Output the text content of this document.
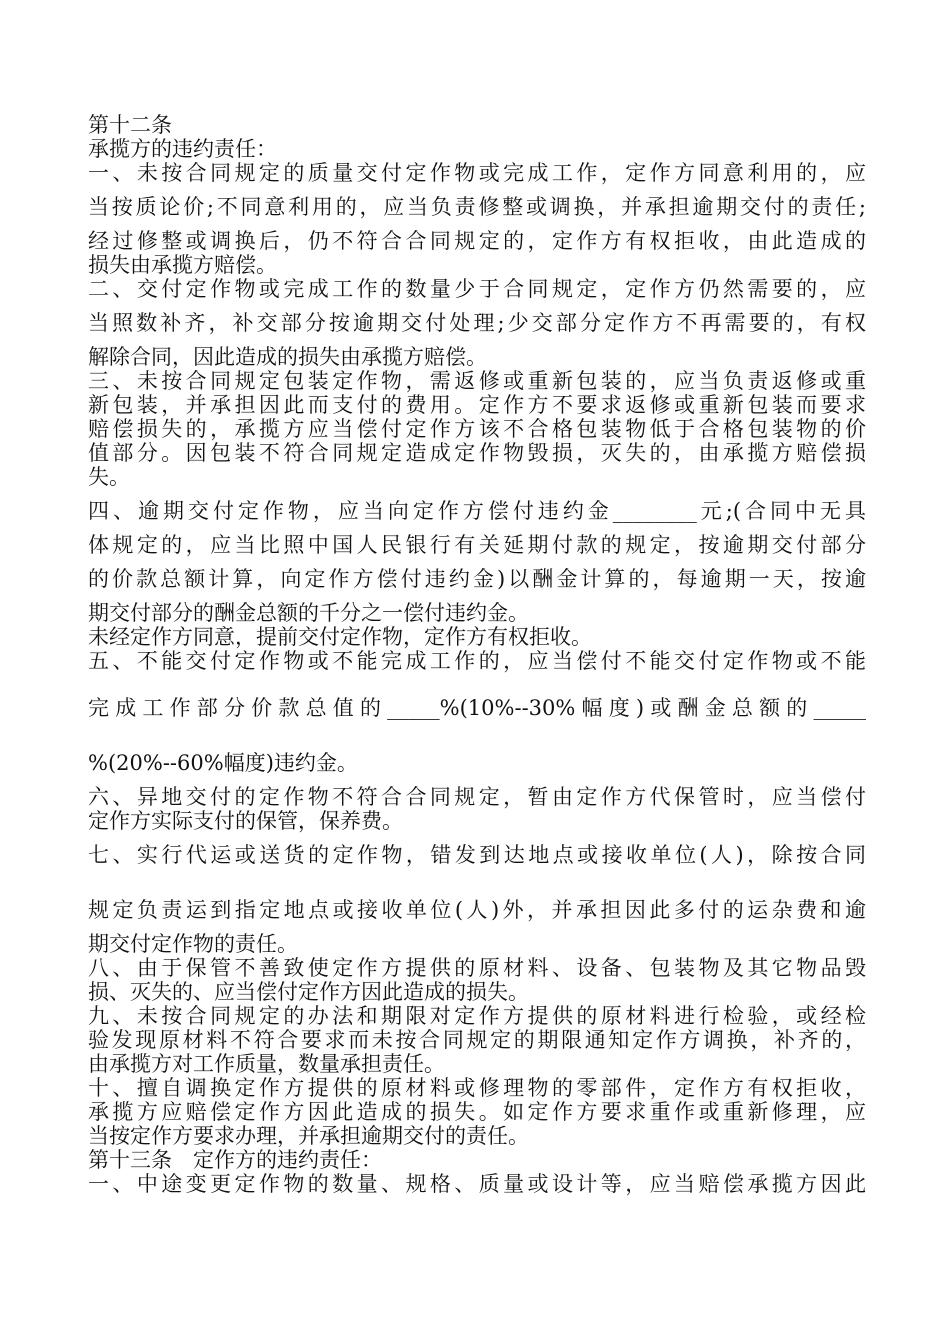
第十二条
承揽方的违约责任：
一、未按合同规定的质量交付定作物或完成工作，定作方同意利用的，应
当按质论价;不同意利用的，应当负责修整或调换，并承担逾期交付的责任;
经过修整或调换后，仍不符合合同规定的，定作方有权拒收，由此造成的
损失由承揽方赔偿。
二、交付定作物或完成工作的数量少于合同规定，定作方仍然需要的，应
当照数补齐，补交部分按逾期交付处理;少交部分定作方不再需要的，有权
解除合同，因此造成的损失由承揽方赔偿。
三、未按合同规定包装定作物，需返修或重新包装的，应当负责返修或重
新包装，并承担因此而支付的费用。定作方不要求返修或重新包装而要求
赔偿损失的，承揽方应当偿付定作方该不合格包装物低于合格包装物的价
值部分。因包装不符合同规定造成定作物毁损，灭失的，由承揽方赔偿损
失。
四、逾期交付定作物，应当向定作方偿付违约金________元;(合同中无具
体规定的，应当比照中国人民银行有关延期付款的规定，按逾期交付部分
的价款总额计算，向定作方偿付违约金)以酬金计算的，每逾期一天，按逾
期交付部分的酬金总额的千分之一偿付违约金。
未经定作方同意，提前交付定作物，定作方有权拒收。
五、不能交付定作物或不能完成工作的，应当偿付不能交付定作物或不能
完成工作部分价款总值的_____%(10%--30%幅度)或酬金总额的_____
%(20%--60%幅度)违约金。
六、异地交付的定作物不符合合同规定，暂由定作方代保管时，应当偿付
定作方实际支付的保管，保养费。
七、实行代运或送货的定作物，错发到达地点或接收单位(人)，除按合同
规定负责运到指定地点或接收单位(人)外，并承担因此多付的运杂费和逾
期交付定作物的责任。
八、由于保管不善致使定作方提供的原材料、设备、包装物及其它物品毁
损、灭失的、应当偿付定作方因此造成的损失。
九、未按合同规定的办法和期限对定作方提供的原材料进行检验，或经检
验发现原材料不符合要求而未按合同规定的期限通知定作方调换，补齐的，
由承揽方对工作质量，数量承担责任。
十、擅自调换定作方提供的原材料或修理物的零部件，定作方有权拒收，
承揽方应赔偿定作方因此造成的损失。如定作方要求重作或重新修理，应
当按定作方要求办理，并承担逾期交付的责任。
第十三条　定作方的违约责任：
一、中途变更定作物的数量、规格、质量或设计等，应当赔偿承揽方因此
